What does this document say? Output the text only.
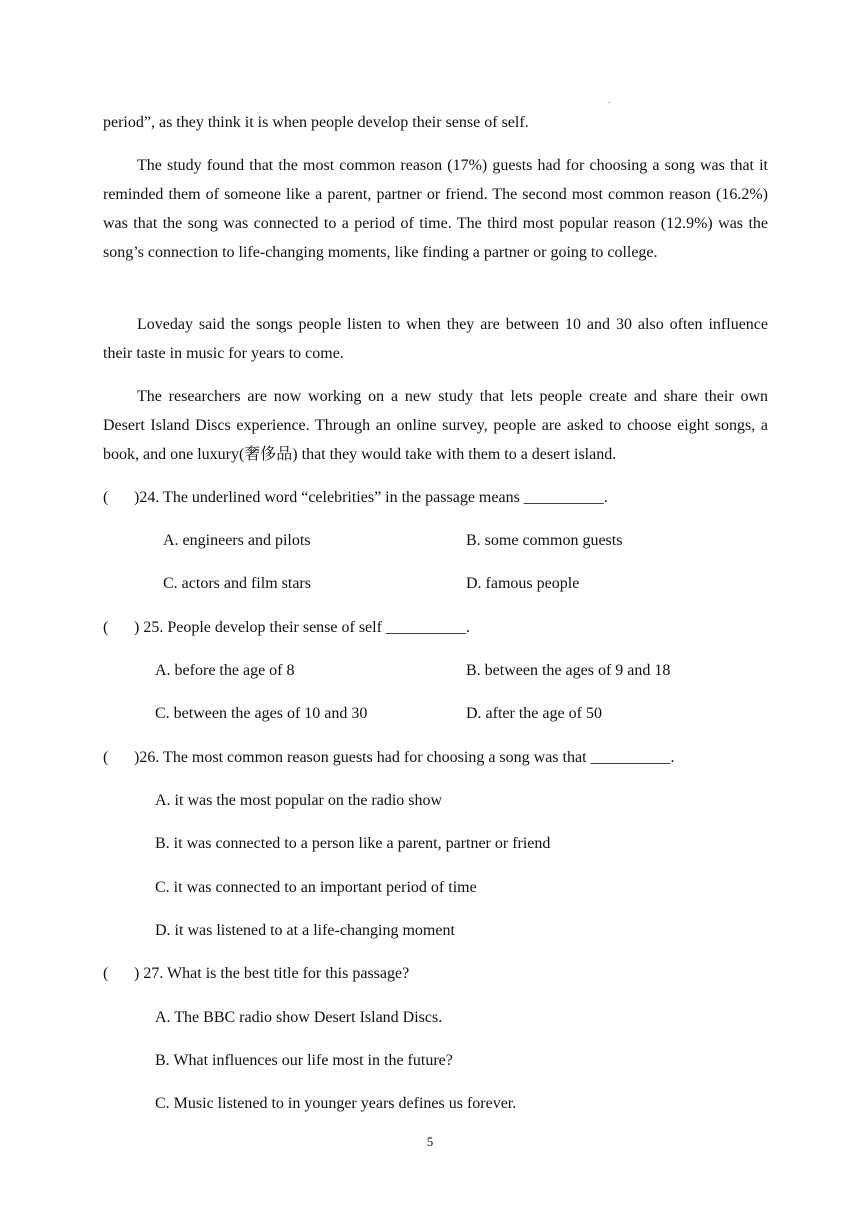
.

period”, as they think it is when people develop their sense of self.

The study found that the most common reason (17%) guests had for choosing a song was that it reminded them of someone like a parent, partner or friend. The second most common reason (16.2%) was that the song was connected to a period of time. The third most popular reason (12.9%) was the song’s connection to life-changing moments, like finding a partner or going to college.

Loveday said the songs people listen to when they are between 10 and 30 also often influence their taste in music for years to come.

The researchers are now working on a new study that lets people create and share their own Desert Island Discs experience. Through an online survey, people are asked to choose eight songs, a book, and one luxury(奢侈品) that they would take with them to a desert island.

( )24. The underlined word “celebrities” in the passage means __________.
A. engineers and pilots	B. some common guests
C. actors and film stars	D. famous people
( ) 25. People develop their sense of self __________.
A. before the age of 8	B. between the ages of 9 and 18
C. between the ages of 10 and 30	D. after the age of 50
( )26. The most common reason guests had for choosing a song was that __________.
A. it was the most popular on the radio show
B. it was connected to a person like a parent, partner or friend
C. it was connected to an important period of time
D. it was listened to at a life-changing moment
( ) 27. What is the best title for this passage?
A. The BBC radio show Desert Island Discs.
B. What influences our life most in the future?
C. Music listened to in younger years defines us forever.
5
